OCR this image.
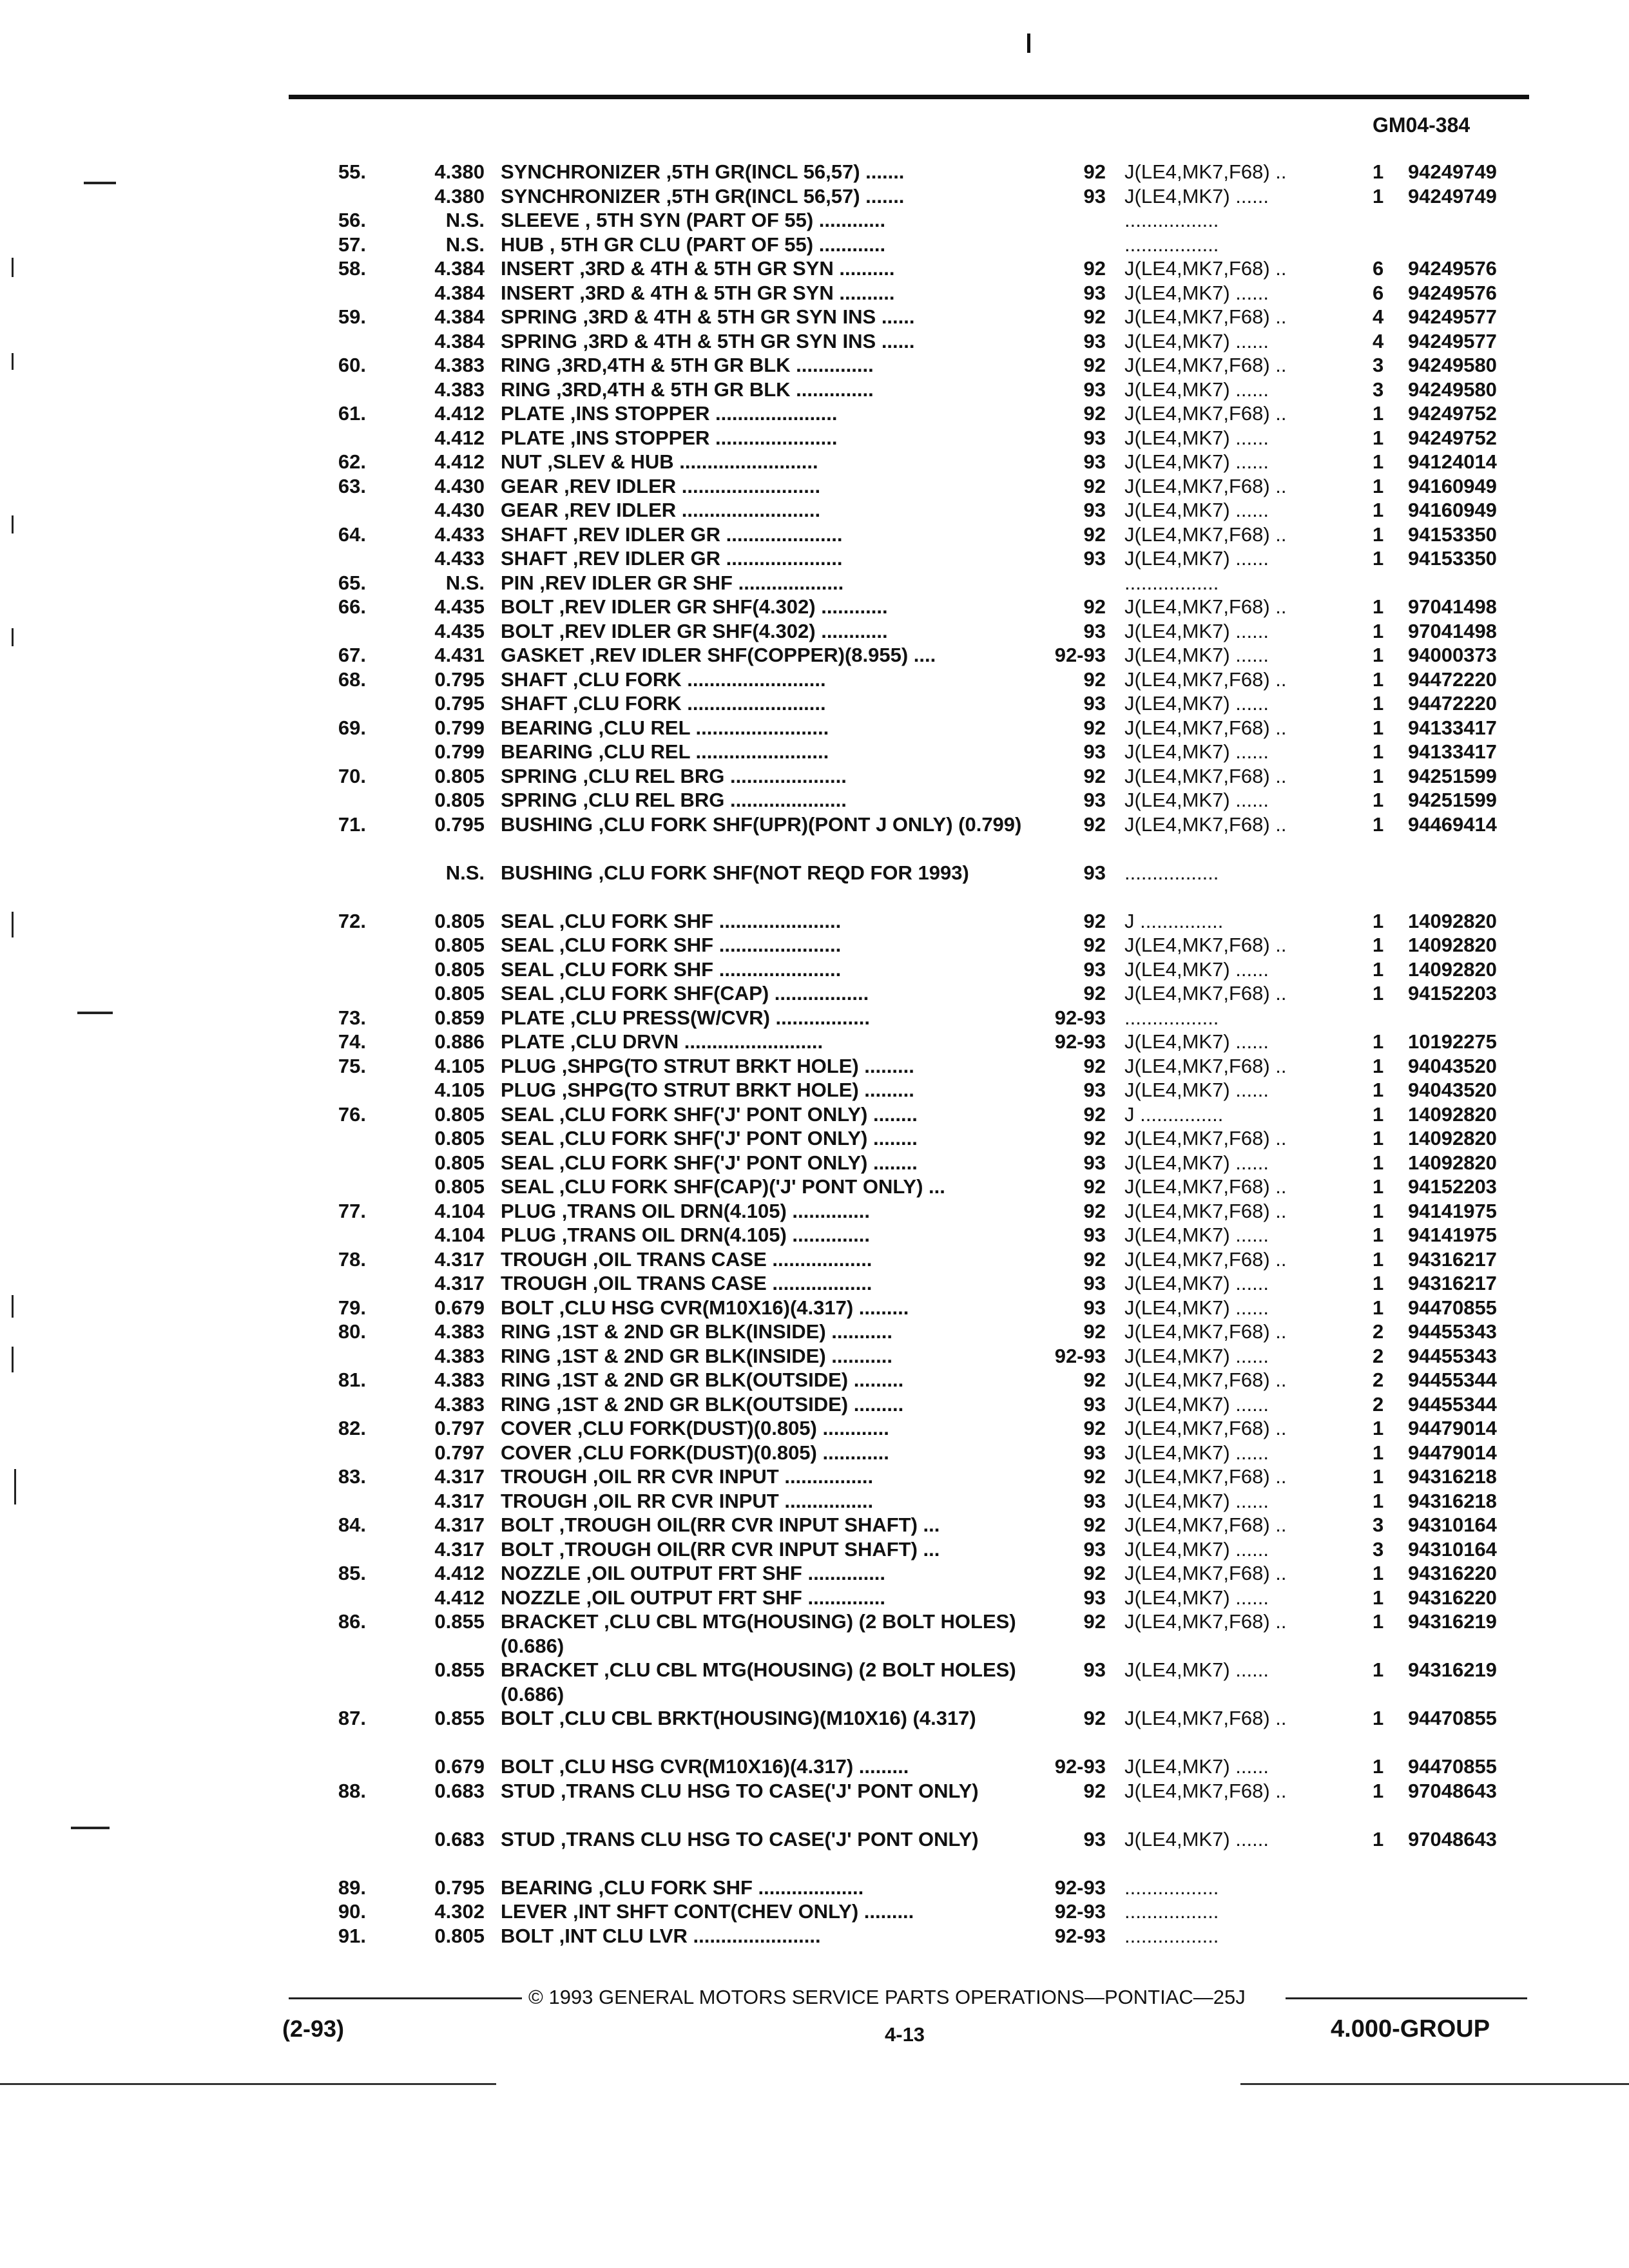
GM04-384
55.	4.380 SYNCHRONIZER ,5TH GR(INCL 56,57) .......	92 J(LE4,MK7,F68) ..	1 94249749
4.380 SYNCHRONIZER ,5TH GR(INCL 56,57) .......	93 J(LE4,MK7) ......	1 94249749
56.	N.S. SLEEVE , 5TH SYN (PART OF 55) ............	.................
57.	N.S. HUB , 5TH GR CLU (PART OF 55) ............	.................
58.	4.384 INSERT ,3RD & 4TH & 5TH GR SYN ..........	92 J(LE4,MK7,F68) ..	6 94249576
4.384 INSERT ,3RD & 4TH & 5TH GR SYN ..........	93 J(LE4,MK7) ......	6 94249576
59.	4.384 SPRING ,3RD & 4TH & 5TH GR SYN INS ......	92 J(LE4,MK7,F68) ..	4 94249577
4.384 SPRING ,3RD & 4TH & 5TH GR SYN INS ......	93 J(LE4,MK7) ......	4 94249577
60.	4.383 RING ,3RD,4TH & 5TH GR BLK ..............	92 J(LE4,MK7,F68) ..	3 94249580
4.383 RING ,3RD,4TH & 5TH GR BLK ..............	93 J(LE4,MK7) ......	3 94249580
61.	4.412 PLATE ,INS STOPPER ......................	92 J(LE4,MK7,F68) ..	1 94249752
4.412 PLATE ,INS STOPPER ......................	93 J(LE4,MK7) ......	1 94249752
62.	4.412 NUT ,SLEV & HUB .........................	93 J(LE4,MK7) ......	1 94124014
63.	4.430 GEAR ,REV IDLER .........................	92 J(LE4,MK7,F68) ..	1 94160949
4.430 GEAR ,REV IDLER .........................	93 J(LE4,MK7) ......	1 94160949
64.	4.433 SHAFT ,REV IDLER GR .....................	92 J(LE4,MK7,F68) ..	1 94153350
4.433 SHAFT ,REV IDLER GR .....................	93 J(LE4,MK7) ......	1 94153350
65.	N.S. PIN ,REV IDLER GR SHF ...................	.................
66.	4.435 BOLT ,REV IDLER GR SHF(4.302) ............	92 J(LE4,MK7,F68) ..	1 97041498
4.435 BOLT ,REV IDLER GR SHF(4.302) ............	93 J(LE4,MK7) ......	1 97041498
67.	4.431 GASKET ,REV IDLER SHF(COPPER)(8.955) ....	92-93 J(LE4,MK7) ......	1 94000373
68.	0.795 SHAFT ,CLU FORK .........................	92 J(LE4,MK7,F68) ..	1 94472220
0.795 SHAFT ,CLU FORK .........................	93 J(LE4,MK7) ......	1 94472220
69.	0.799 BEARING ,CLU REL ........................	92 J(LE4,MK7,F68) ..	1 94133417
0.799 BEARING ,CLU REL ........................	93 J(LE4,MK7) ......	1 94133417
70.	0.805 SPRING ,CLU REL BRG .....................	92 J(LE4,MK7,F68) ..	1 94251599
0.805 SPRING ,CLU REL BRG .....................	93 J(LE4,MK7) ......	1 94251599
71.	0.795 BUSHING ,CLU FORK SHF(UPR)(PONT J ONLY) (0.799)	92 J(LE4,MK7,F68) ..	1 94469414
N.S. BUSHING ,CLU FORK SHF(NOT REQD FOR 1993)	93 .................
72.	0.805 SEAL ,CLU FORK SHF ......................	92 J ...............	1 14092820
0.805 SEAL ,CLU FORK SHF ......................	92 J(LE4,MK7,F68) ..	1 14092820
0.805 SEAL ,CLU FORK SHF ......................	93 J(LE4,MK7) ......	1 14092820
0.805 SEAL ,CLU FORK SHF(CAP) .................	92 J(LE4,MK7,F68) ..	1 94152203
73.	0.859 PLATE ,CLU PRESS(W/CVR) .................	92-93 .................
74.	0.886 PLATE ,CLU DRVN .........................	92-93 J(LE4,MK7) ......	1 10192275
75.	4.105 PLUG ,SHPG(TO STRUT BRKT HOLE) .........	92 J(LE4,MK7,F68) ..	1 94043520
4.105 PLUG ,SHPG(TO STRUT BRKT HOLE) .........	93 J(LE4,MK7) ......	1 94043520
76.	0.805 SEAL ,CLU FORK SHF('J' PONT ONLY) ........	92 J ...............	1 14092820
0.805 SEAL ,CLU FORK SHF('J' PONT ONLY) ........	92 J(LE4,MK7,F68) ..	1 14092820
0.805 SEAL ,CLU FORK SHF('J' PONT ONLY) ........	93 J(LE4,MK7) ......	1 14092820
0.805 SEAL ,CLU FORK SHF(CAP)('J' PONT ONLY) ...	92 J(LE4,MK7,F68) ..	1 94152203
77.	4.104 PLUG ,TRANS OIL DRN(4.105) ..............	92 J(LE4,MK7,F68) ..	1 94141975
4.104 PLUG ,TRANS OIL DRN(4.105) ..............	93 J(LE4,MK7) ......	1 94141975
78.	4.317 TROUGH ,OIL TRANS CASE ..................	92 J(LE4,MK7,F68) ..	1 94316217
4.317 TROUGH ,OIL TRANS CASE ..................	93 J(LE4,MK7) ......	1 94316217
79.	0.679 BOLT ,CLU HSG CVR(M10X16)(4.317) .........	93 J(LE4,MK7) ......	1 94470855
80.	4.383 RING ,1ST & 2ND GR BLK(INSIDE) ...........	92 J(LE4,MK7,F68) ..	2 94455343
4.383 RING ,1ST & 2ND GR BLK(INSIDE) ...........	92-93 J(LE4,MK7) ......	2 94455343
81.	4.383 RING ,1ST & 2ND GR BLK(OUTSIDE) .........	92 J(LE4,MK7,F68) ..	2 94455344
4.383 RING ,1ST & 2ND GR BLK(OUTSIDE) .........	93 J(LE4,MK7) ......	2 94455344
82.	0.797 COVER ,CLU FORK(DUST)(0.805) ............	92 J(LE4,MK7,F68) ..	1 94479014
0.797 COVER ,CLU FORK(DUST)(0.805) ............	93 J(LE4,MK7) ......	1 94479014
83.	4.317 TROUGH ,OIL RR CVR INPUT ................	92 J(LE4,MK7,F68) ..	1 94316218
4.317 TROUGH ,OIL RR CVR INPUT ................	93 J(LE4,MK7) ......	1 94316218
84.	4.317 BOLT ,TROUGH OIL(RR CVR INPUT SHAFT) ...	92 J(LE4,MK7,F68) ..	3 94310164
4.317 BOLT ,TROUGH OIL(RR CVR INPUT SHAFT) ...	93 J(LE4,MK7) ......	3 94310164
85.	4.412 NOZZLE ,OIL OUTPUT FRT SHF ..............	92 J(LE4,MK7,F68) ..	1 94316220
4.412 NOZZLE ,OIL OUTPUT FRT SHF ..............	93 J(LE4,MK7) ......	1 94316220
86.	0.855 BRACKET ,CLU CBL MTG(HOUSING) (2 BOLT HOLES)(0.686)
92 J(LE4,MK7,F68) ..	1 94316219
0.855 BRACKET ,CLU CBL MTG(HOUSING) (2 BOLT HOLES)(0.686)
93 J(LE4,MK7) ......	1 94316219
87.	0.855 BOLT ,CLU CBL BRKT(HOUSING)(M10X16) (4.317)	92 J(LE4,MK7,F68) ..	1 94470855
0.679 BOLT ,CLU HSG CVR(M10X16)(4.317) .........	92-93 J(LE4,MK7) ......	1 94470855
88.	0.683 STUD ,TRANS CLU HSG TO CASE('J' PONT ONLY)	92 J(LE4,MK7,F68) ..	1 97048643
0.683 STUD ,TRANS CLU HSG TO CASE('J' PONT ONLY)	93 J(LE4,MK7) ......	1 97048643
89.	0.795 BEARING ,CLU FORK SHF ...................	92-93 .................
90.	4.302 LEVER ,INT SHFT CONT(CHEV ONLY) .........	92-93 .................
91.	0.805 BOLT ,INT CLU LVR .......................	92-93 .................
© 1993 GENERAL MOTORS SERVICE PARTS OPERATIONS—PONTIAC—25J
(2-93)	4-13	4.000-GROUP
